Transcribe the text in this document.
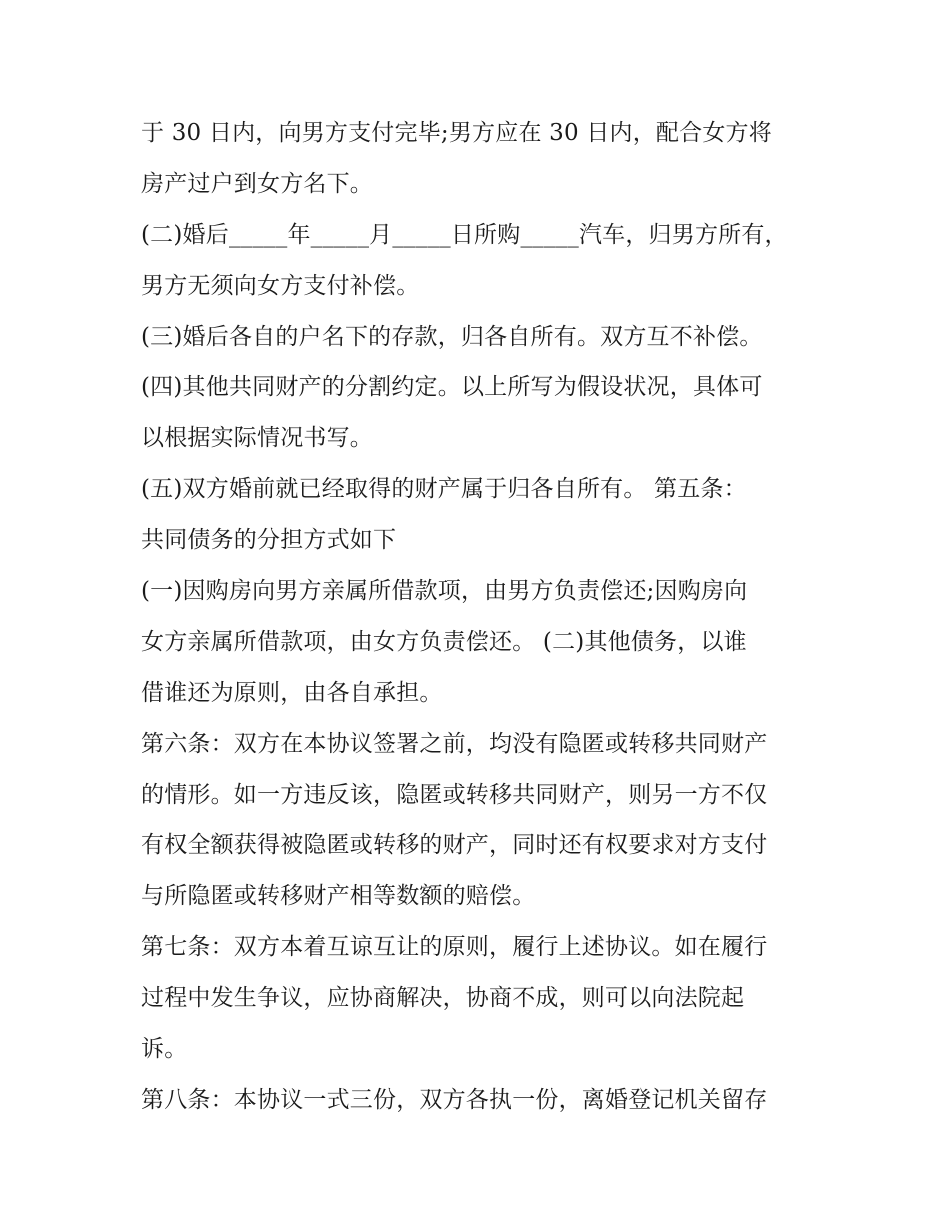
于 30 日内，向男方支付完毕;男方应在 30 日内，配合女方将

房产过户到女方名下。

(二)婚后_____年_____月_____日所购_____汽车，归男方所有，

男方无须向女方支付补偿。

(三)婚后各自的户名下的存款，归各自所有。双方互不补偿。

(四)其他共同财产的分割约定。以上所写为假设状况，具体可

以根据实际情况书写。

(五)双方婚前就已经取得的财产属于归各自所有。 第五条：

共同债务的分担方式如下

(一)因购房向男方亲属所借款项，由男方负责偿还;因购房向

女方亲属所借款项，由女方负责偿还。 (二)其他债务，以谁

借谁还为原则，由各自承担。

第六条：双方在本协议签署之前，均没有隐匿或转移共同财产

的情形。如一方违反该，隐匿或转移共同财产，则另一方不仅

有权全额获得被隐匿或转移的财产，同时还有权要求对方支付

与所隐匿或转移财产相等数额的赔偿。

第七条：双方本着互谅互让的原则，履行上述协议。如在履行

过程中发生争议，应协商解决，协商不成，则可以向法院起

诉。

第八条：本协议一式三份，双方各执一份，离婚登记机关留存
